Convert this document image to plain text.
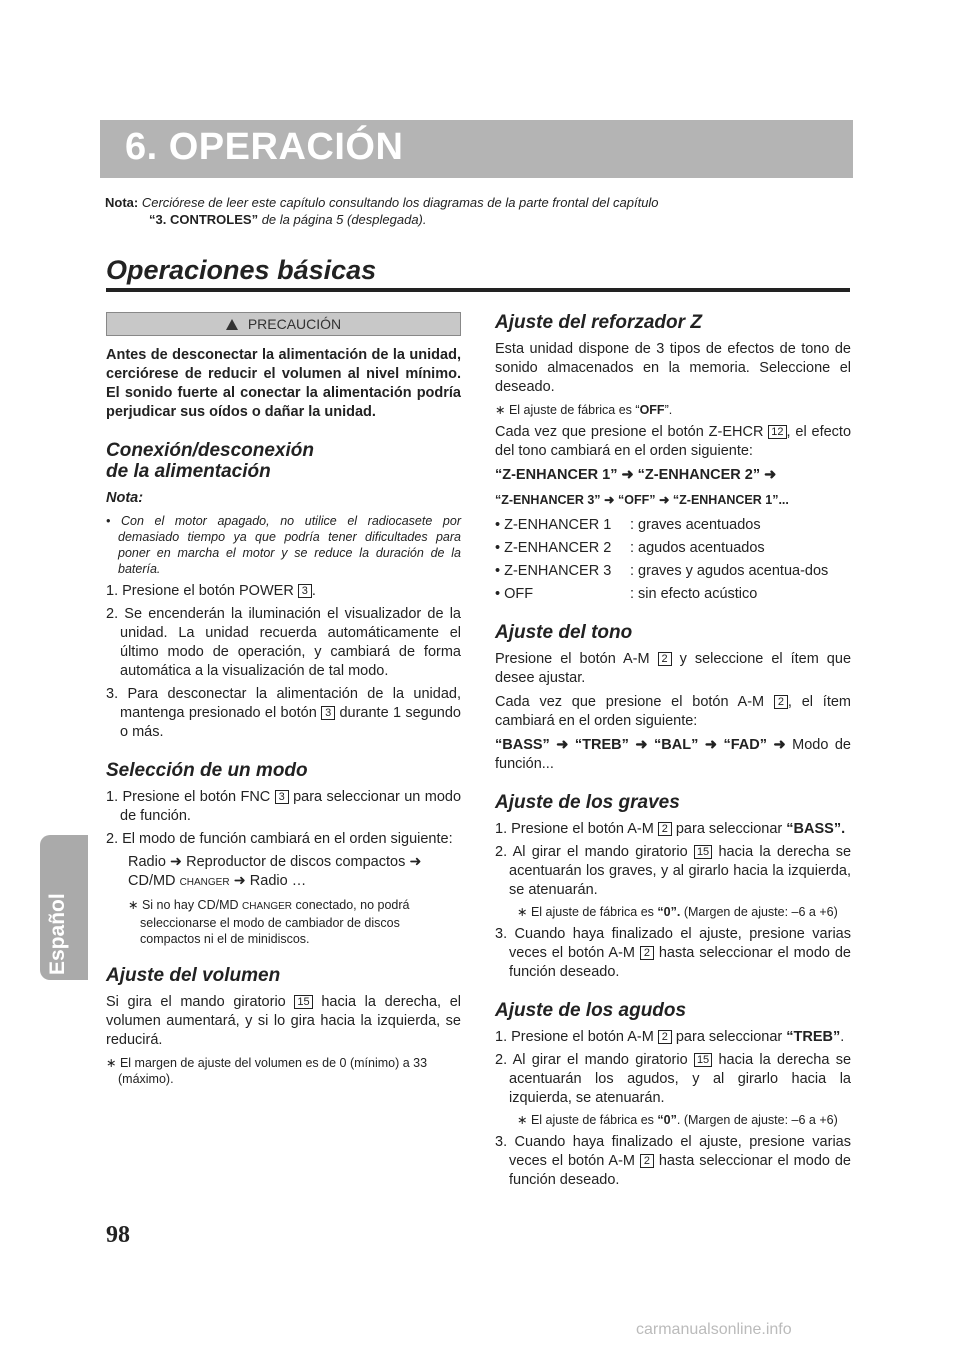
6. OPERACIÓN
Nota: Cerciórese de leer este capítulo consultando los diagramas de la parte frontal del capítulo
“3. CONTROLES” de la página 5 (desplegada).
Operaciones básicas
PRECAUCIÓN
Antes de desconectar la alimentación de la unidad, cerciórese de reducir el volumen al nivel mínimo. El sonido fuerte al conectar la alimentación podría perjudicar sus oídos o dañar la unidad.
Conexión/desconexión
de la alimentación
Nota:
• Con el motor apagado, no utilice el radiocasete por demasiado tiempo ya que podría tener dificultades para poner en marcha el motor y se reduce la duración de la batería.
1. Presione el botón POWER 3 .
2. Se encenderán la iluminación el visualizador de la unidad. La unidad recuerda automáticamente el último modo de operación, y cambiará de forma automática a la visualización de tal modo.
3. Para desconectar la alimentación de la unidad, mantenga presionado el botón 3 durante 1 segundo o más.
Selección de un modo
1. Presione el botón FNC 3 para seleccionar un modo de función.
2. El modo de función cambiará en el orden siguiente:
Radio ➜ Reproductor de discos compactos ➜
CD/MD CHANGER ➜ Radio …
∗ Si no hay CD/MD CHANGER conectado, no podrá seleccionarse el modo de cambiador de discos compactos ni el de minidiscos.
Ajuste del volumen
Si gira el mando giratorio 15 hacia la derecha, el volumen aumentará, y si lo gira hacia la izquierda, se reducirá.
∗ El margen de ajuste del volumen es de 0 (mínimo) a 33 (máximo).
Ajuste del reforzador Z
Esta unidad dispone de 3 tipos de efectos de tono de sonido almacenados en la memoria. Seleccione el deseado.
∗ El ajuste de fábrica es “OFF”.
Cada vez que presione el botón Z-EHCR 12 , el efecto del tono cambiará en el orden siguiente:
“Z-ENHANCER 1” ➜ “Z-ENHANCER 2” ➜
“Z-ENHANCER 3” ➜ “OFF” ➜ “Z-ENHANCER 1”...
• Z-ENHANCER 1	: graves acentuados
• Z-ENHANCER 2	: agudos acentuados
• Z-ENHANCER 3	: graves y agudos acentua-dos
• OFF	: sin efecto acústico
Ajuste del tono
Presione el botón A-M 2 y seleccione el ítem que desee ajustar.
Cada vez que presione el botón A-M 2 , el ítem cambiará en el orden siguiente:
“BASS” ➜ “TREB” ➜ “BAL” ➜ “FAD” ➜ Modo de función...
Ajuste de los graves
1. Presione el botón A-M 2 para seleccionar “BASS”.
2. Al girar el mando giratorio 15 hacia la derecha se acentuarán los graves, y al girarlo hacia la izquierda, se atenuarán.
∗ El ajuste de fábrica es “0”. (Margen de ajuste: –6 a +6)
3. Cuando haya finalizado el ajuste, presione varias veces el botón A-M 2 hasta seleccionar el modo de función deseado.
Ajuste de los agudos
1. Presione el botón A-M 2 para seleccionar “TREB”.
2. Al girar el mando giratorio 15 hacia la derecha se acentuarán los agudos, y al girarlo hacia la izquierda, se atenuarán.
∗ El ajuste de fábrica es “0”. (Margen de ajuste: –6 a +6)
3. Cuando haya finalizado el ajuste, presione varias veces el botón A-M 2 hasta seleccionar el modo de función deseado.
Español
98
carmanualsonline.info
